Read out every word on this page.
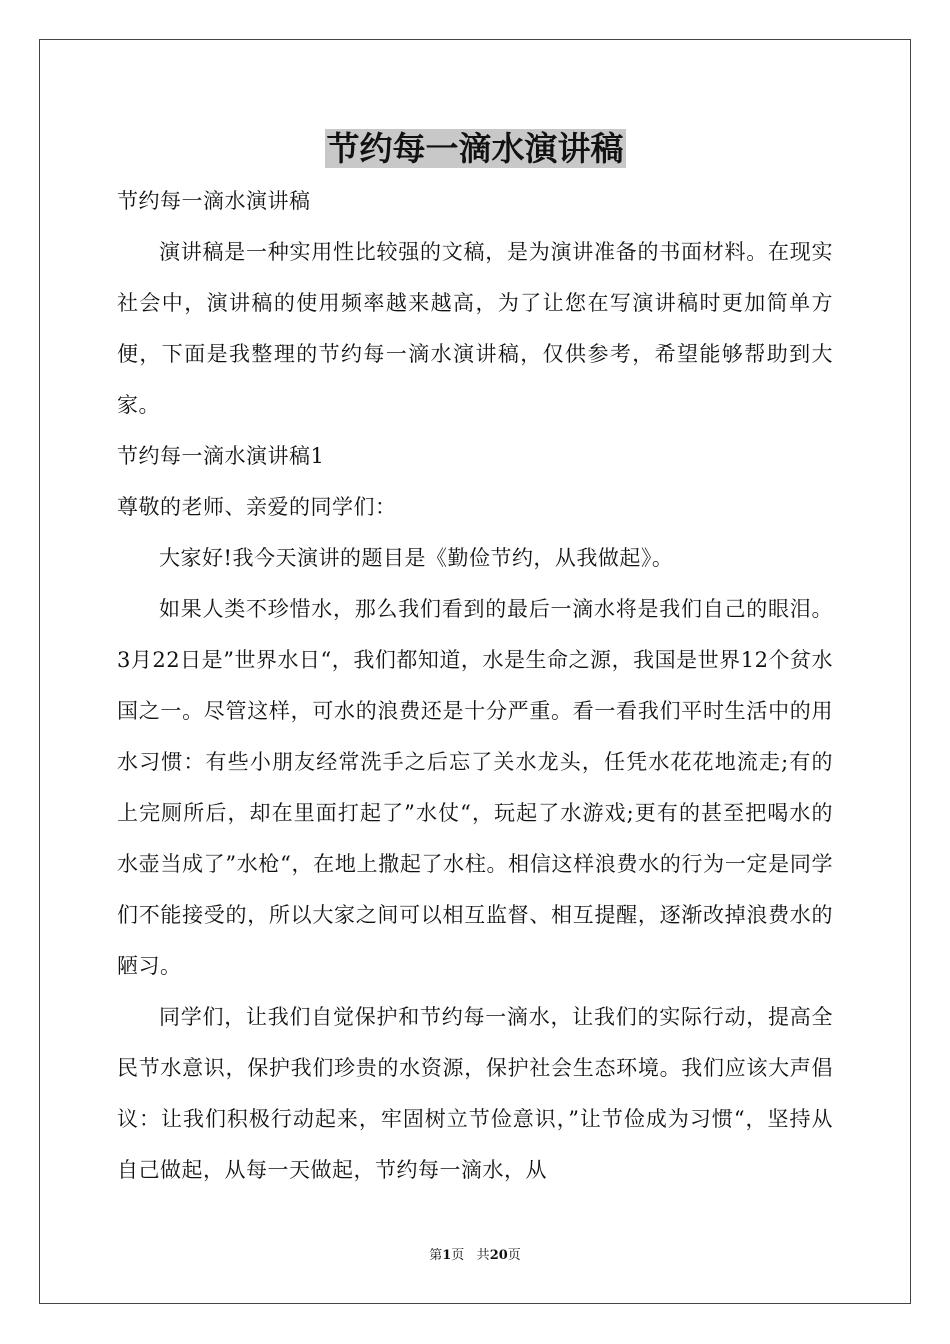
节约每一滴水演讲稿

节约每一滴水演讲稿

演讲稿是一种实用性比较强的文稿，是为演讲准备的书面材料。在现实社会中，演讲稿的使用频率越来越高，为了让您在写演讲稿时更加简单方便，下面是我整理的节约每一滴水演讲稿，仅供参考，希望能够帮助到大家。

节约每一滴水演讲稿1

尊敬的老师、亲爱的同学们：

大家好!我今天演讲的题目是《勤俭节约，从我做起》。

如果人类不珍惜水，那么我们看到的最后一滴水将是我们自己的眼泪。3月22日是”世界水日“，我们都知道，水是生命之源，我国是世界12个贫水国之一。尽管这样，可水的浪费还是十分严重。看一看我们平时生活中的用水习惯：有些小朋友经常洗手之后忘了关水龙头，任凭水花花地流走;有的上完厕所后，却在里面打起了”水仗“，玩起了水游戏;更有的甚至把喝水的水壶当成了”水枪“，在地上撒起了水柱。相信这样浪费水的行为一定是同学们不能接受的，所以大家之间可以相互监督、相互提醒，逐渐改掉浪费水的陋习。

同学们，让我们自觉保护和节约每一滴水，让我们的实际行动，提高全民节水意识，保护我们珍贵的水资源，保护社会生态环境。我们应该大声倡议：让我们积极行动起来，牢固树立节俭意识，”让节俭成为习惯“，坚持从自己做起，从每一天做起，节约每一滴水，从

第1页 共20页
